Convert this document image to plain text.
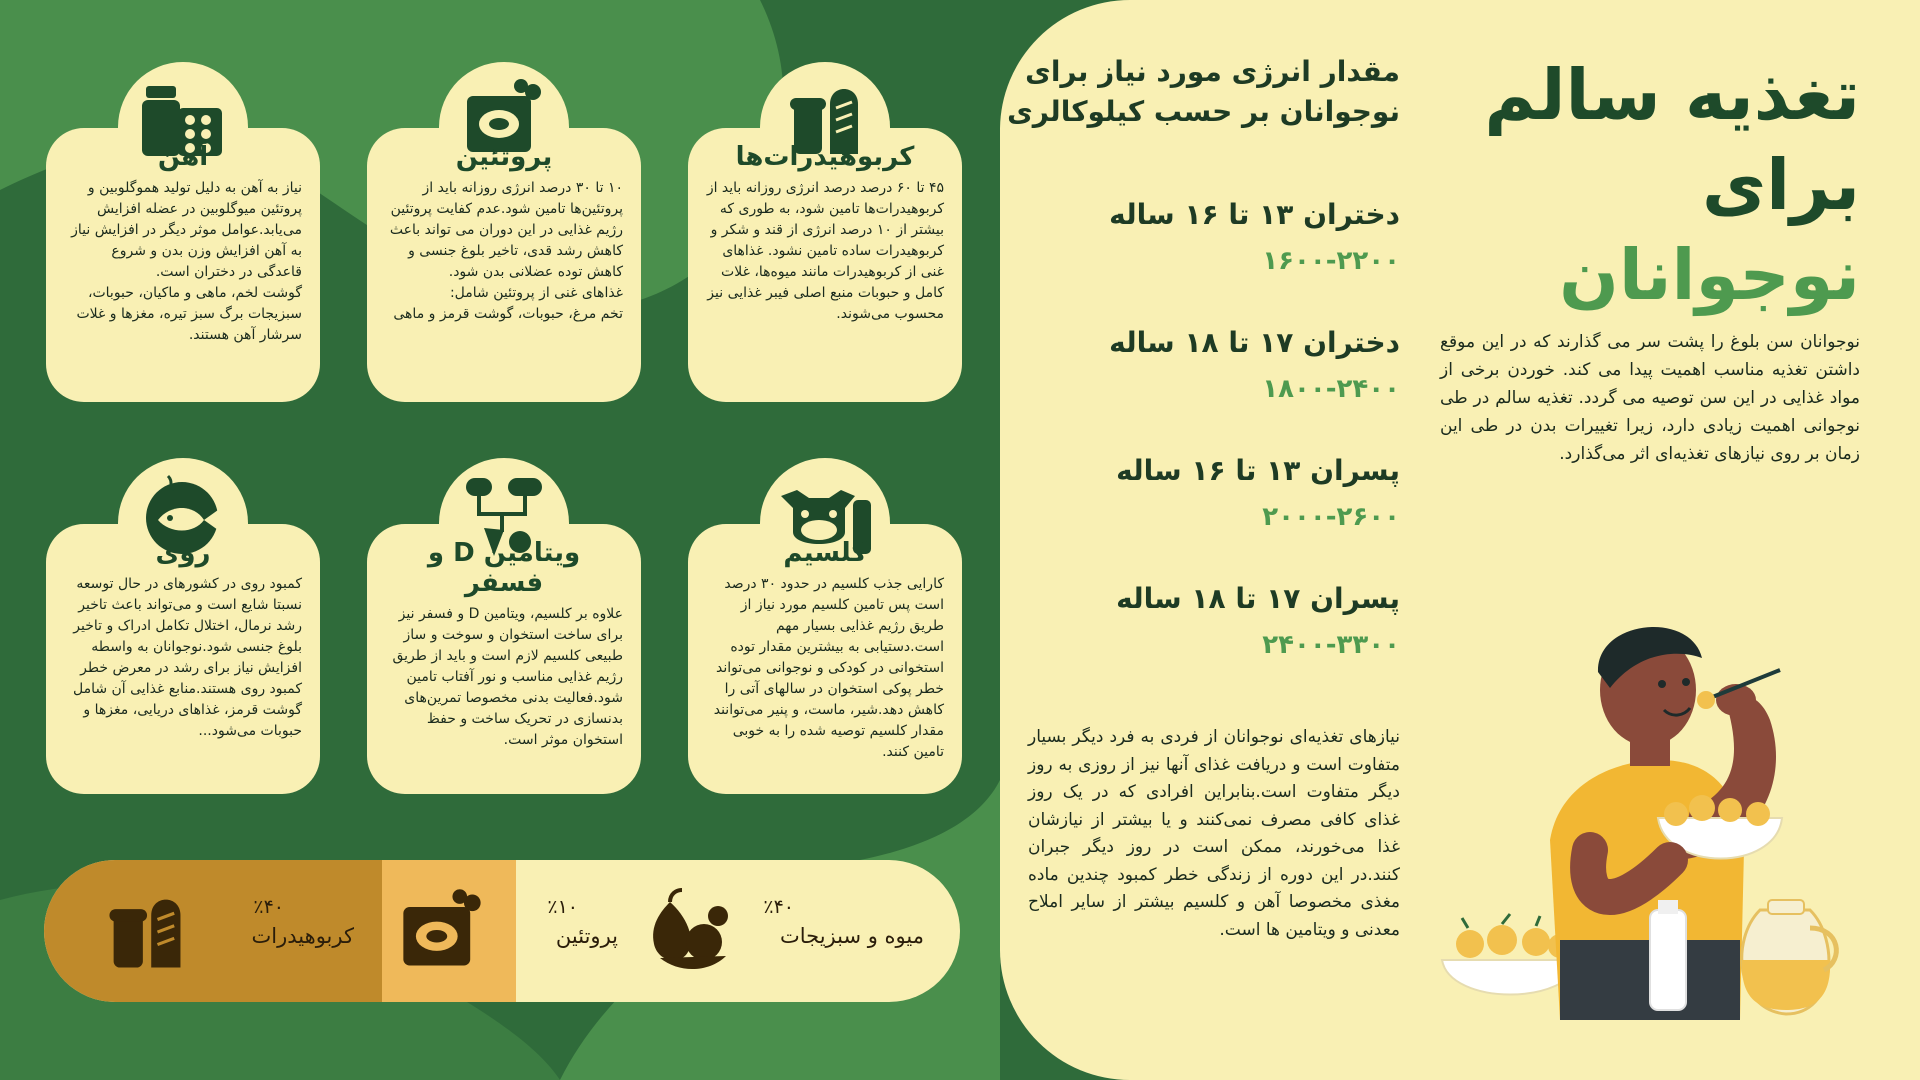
کربوهیدرات‌ها
۴۵ تا ۶۰ درصد درصد انرژی روزانه باید از کربوهیدرات‌ها تامین شود، به طوری که بیشتر از ۱۰ درصد انرژی از قند و شکر و کربوهیدرات ساده تامین نشود. غذاهای غنی از کربوهیدرات مانند میوه‌ها، غلات کامل و حبوبات منبع اصلی فیبر غذایی نیز محسوب می‌شوند.
پروتئین
۱۰ تا ۳۰ درصد انرژی روزانه باید از پروتئین‌ها تامین شود.عدم کفایت پروتئین رژیم غذایی در این دوران می تواند باعث کاهش رشد قدی، تاخیر بلوغ جنسی و کاهش توده عضلانی بدن شود.
غذاهای غنی از پروتئین شامل:
تخم مرغ، حبوبات، گوشت قرمز و ماهی
آهن
نیاز به آهن به دلیل تولید هموگلوبین و پروتئین میوگلوبین در عضله افزایش می‌یابد.عوامل موثر دیگر در افزایش نیاز به آهن افزایش وزن بدن و شروع قاعدگی در دختران است.
گوشت لخم، ماهی و ماکیان، حبوبات، سبزیجات برگ سبز تیره، مغزها و غلات سرشار آهن هستند.
کلسیم
کارایی جذب کلسیم در حدود ۳۰ درصد است پس تامین کلسیم مورد نیاز از طریق رژیم غذایی بسیار مهم است.دستیابی به بیشترین مقدار توده استخوانی در کودکی و نوجوانی می‌تواند خطر پوکی استخوان در سالهای آتی را کاهش دهد.شیر، ماست، و پنیر می‌توانند مقدار کلسیم توصیه شده را به خوبی تامین کنند.
ویتامین D و فسفر
علاوه بر کلسیم، ویتامین D و فسفر نیز برای ساخت استخوان و سوخت و ساز طبیعی کلسیم لازم است و باید از طریق رژیم غذایی مناسب و نور آفتاب تامین شود.فعالیت بدنی مخصوصا تمرین‌های بدنسازی در تحریک ساخت و حفظ استخوان موثر است.
روی
کمبود روی در کشورهای در حال توسعه نسبتا شایع است و می‌تواند باعث تاخیر رشد نرمال، اختلال تکامل ادراک و تاخیر بلوغ جنسی شود.نوجوانان به واسطه افزایش نیاز برای رشد در معرض خطر کمبود روی هستند.منابع غذایی آن شامل گوشت قرمز، غذاهای دریایی، مغزها و حبوبات می‌شود...
٪۴۰
کربوهیدرات
٪۱۰
پروتئین
٪۴۰
میوه و سبزیجات
تغذیه سالم
برای نوجوانان
نوجوانان سن بلوغ را پشت سر می گذارند که در این موقع داشتن تغذیه مناسب اهمیت پیدا می کند. خوردن برخی از مواد غذایی در این سن توصیه می گردد. تغذیه سالم در طی نوجوانی اهمیت زیادی دارد، زیرا تغییرات بدن در طی این زمان بر روی نیازهای تغذیه‌ای اثر می‌گذارد.
مقدار انرژی مورد نیاز برای نوجوانان بر حسب کیلوکالری
دختران ۱۳ تا ۱۶ ساله
۱۶۰۰-۲۲۰۰
دختران ۱۷ تا ۱۸ ساله
۱۸۰۰-۲۴۰۰
پسران ۱۳ تا ۱۶ ساله
۲۰۰۰-۲۶۰۰
پسران ۱۷ تا ۱۸ ساله
۲۴۰۰-۳۳۰۰
نیازهای تغذیه‌ای نوجوانان از فردی به فرد دیگر بسیار متفاوت است و دریافت غذای آنها نیز از روزی به روز دیگر متفاوت است.بنابراین افرادی که در یک روز غذای کافی مصرف نمی‌کنند و یا بیشتر از نیازشان غذا می‌خورند، ممکن است در روز دیگر جبران کنند.در این دوره از زندگی خطر کمبود چندین ماده مغذی مخصوصا آهن و کلسیم بیشتر از سایر املاح معدنی و ویتامین ها است.
